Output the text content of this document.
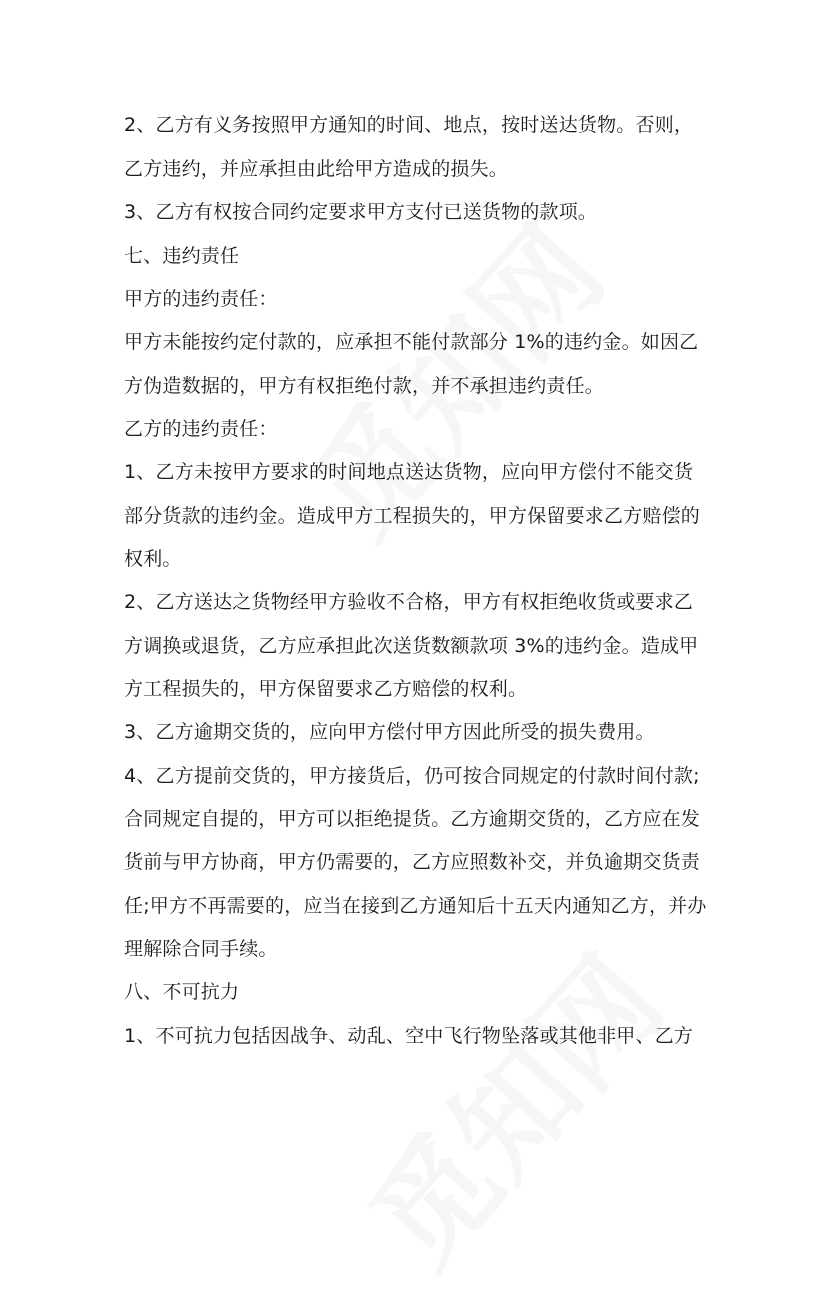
2、乙方有义务按照甲方通知的时间、地点，按时送达货物。否则，
乙方违约，并应承担由此给甲方造成的损失。
3、乙方有权按合同约定要求甲方支付已送货物的款项。
七、违约责任
甲方的违约责任：
甲方未能按约定付款的，应承担不能付款部分 1%的违约金。如因乙
方伪造数据的，甲方有权拒绝付款，并不承担违约责任。
乙方的违约责任：
1、乙方未按甲方要求的时间地点送达货物，应向甲方偿付不能交货
部分货款的违约金。造成甲方工程损失的，甲方保留要求乙方赔偿的
权利。
2、乙方送达之货物经甲方验收不合格，甲方有权拒绝收货或要求乙
方调换或退货，乙方应承担此次送货数额款项 3%的违约金。造成甲
方工程损失的，甲方保留要求乙方赔偿的权利。
3、乙方逾期交货的，应向甲方偿付甲方因此所受的损失费用。
4、乙方提前交货的，甲方接货后，仍可按合同规定的付款时间付款;
合同规定自提的，甲方可以拒绝提货。乙方逾期交货的，乙方应在发
货前与甲方协商，甲方仍需要的，乙方应照数补交，并负逾期交货责
任;甲方不再需要的，应当在接到乙方通知后十五天内通知乙方，并办
理解除合同手续。
八、不可抗力
1、不可抗力包括因战争、动乱、空中飞行物坠落或其他非甲、乙方
